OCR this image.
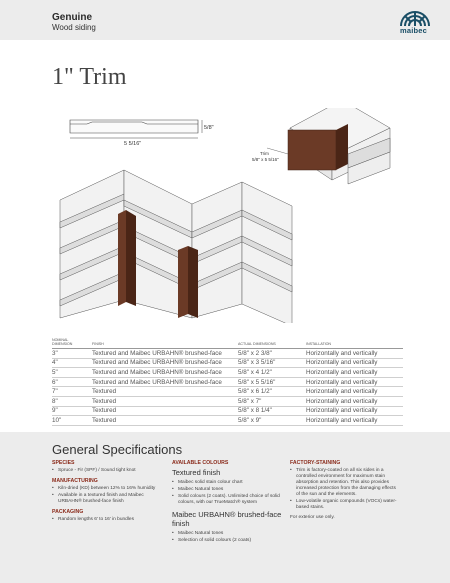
Genuine
Wood siding	maibec
1" Trim
5 5/16"
5/8"
Trim
5/8" x 5 5/16"
NOMINAL
DIMENSION	FINISH	ACTUAL DIMENSIONS	INSTALLATION
3"	Textured and Maibec URBAHN® brushed-face	5/8" x 2 3/8"	Horizontally and vertically
4"	Textured and Maibec URBAHN® brushed-face	5/8" x 3 5/16"	Horizontally and vertically
5"	Textured and Maibec URBAHN® brushed-face	5/8" x 4 1/2"	Horizontally and vertically
6"	Textured and Maibec URBAHN® brushed-face	5/8" x 5 5/16"	Horizontally and vertically
7"	Textured	5/8" x 6 1/2"	Horizontally and vertically
8"	Textured	5/8" x 7"	Horizontally and vertically
9"	Textured	5/8" x 8 1/4"	Horizontally and vertically
10"	Textured	5/8" x 9"	Horizontally and vertically
General Specifications
SPECIES
• Spruce - Fir (SPF) / Sound tight knot
MANUFACTURING
• Kiln-dried (KD) between 12% to 16% humidity
• Available in a textured finish and Maibec URBAHN® brushed-face finish
PACKAGING
• Random lengths 6' to 16' in bundles
AVAILABLE COLOURS
Textured finish
• Maibec solid stain colour chart
• Maibec Natural tones
• Solid colours (2 coats). Unlimited choice of solid colours, with our TrueMatch® system
Maibec URBAHN® brushed-face finish
• Maibec Natural tones
• Selection of solid colours (2 coats)
FACTORY-STAINING
• Trim is factory-coated on all six sides in a controlled environment for maximum stain absorption and retention. This also provides increased protection from the damaging effects of the sun and the elements.
• Low-volatile organic compounds (VOCs) water-based stains.
For exterior use only.
